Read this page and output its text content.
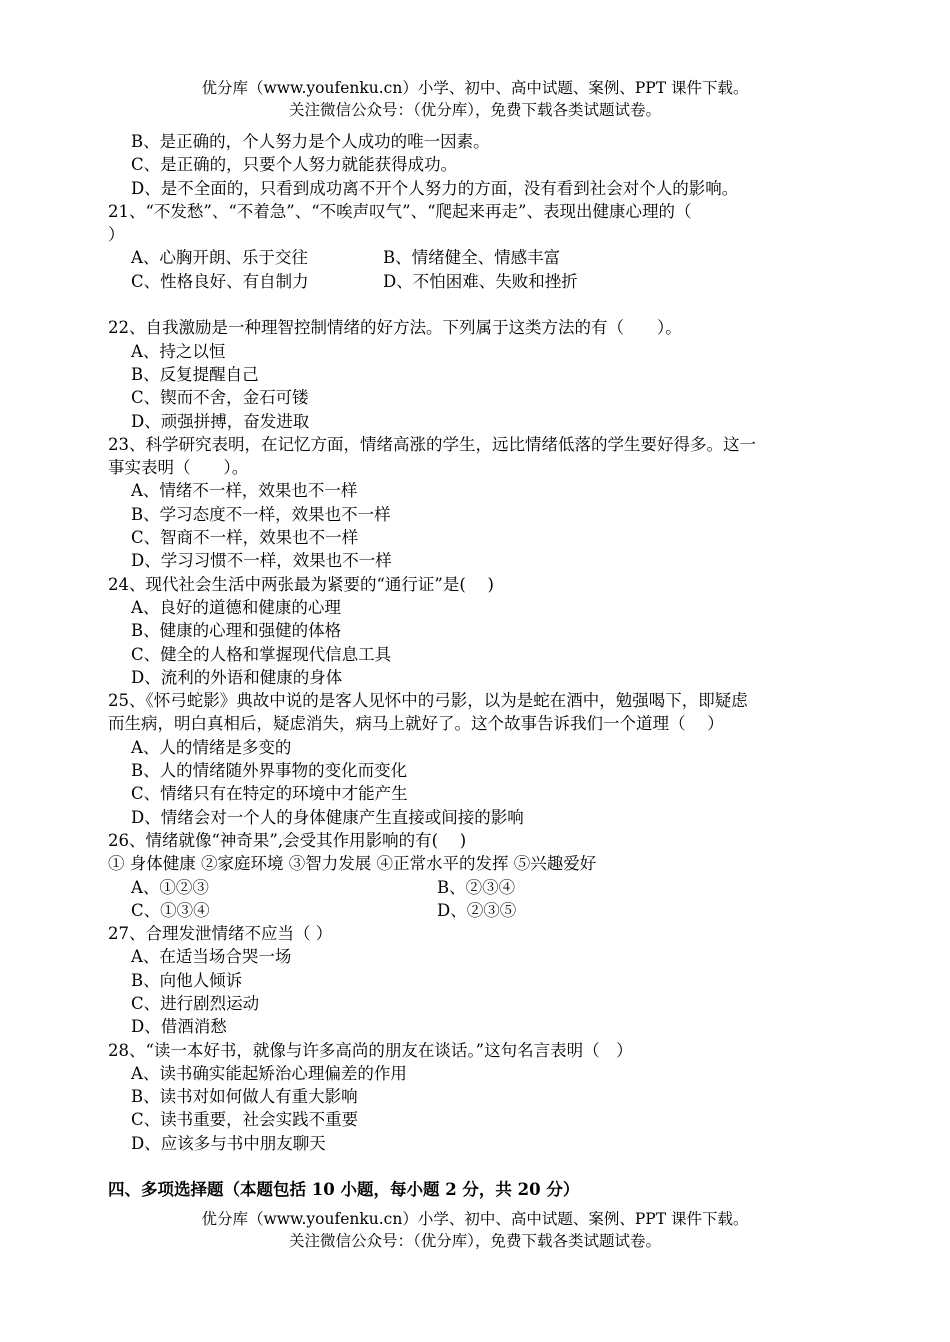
优分库（www.youfenku.cn）小学、初中、高中试题、案例、PPT 课件下载。
关注微信公众号：（优分库），免费下载各类试题试卷。
B、是正确的，个人努力是个人成功的唯一因素。
C、是正确的，只要个人努力就能获得成功。
D、是不全面的，只看到成功离不开个人努力的方面，没有看到社会对个人的影响。
21、“不发愁”、“不着急”、“不唉声叹气”、“爬起来再走”、表现出健康心理的（
）
A、心胸开朗、乐于交往	B、情绪健全、情感丰富
C、性格良好、有自制力	D、不怕困难、失败和挫折
22、自我激励是一种理智控制情绪的好方法。下列属于这类方法的有（　　）。
A、持之以恒
B、反复提醒自己
C、锲而不舍，金石可镂
D、顽强拼搏，奋发进取
23、科学研究表明，在记忆方面，情绪高涨的学生，远比情绪低落的学生要好得多。这一
事实表明（　　）。
A、情绪不一样，效果也不一样
B、学习态度不一样，效果也不一样
C、智商不一样，效果也不一样
D、学习习惯不一样，效果也不一样
24、现代社会生活中两张最为紧要的“通行证”是(　 )
A、良好的道德和健康的心理
B、健康的心理和强健的体格
C、健全的人格和掌握现代信息工具
D、流利的外语和健康的身体
25、《怀弓蛇影》典故中说的是客人见怀中的弓影，以为是蛇在酒中，勉强喝下，即疑虑
而生病，明白真相后，疑虑消失，病马上就好了。这个故事告诉我们一个道理（　 ）
A、人的情绪是多变的
B、人的情绪随外界事物的变化而变化
C、情绪只有在特定的环境中才能产生
D、情绪会对一个人的身体健康产生直接或间接的影响
26、情绪就像“神奇果”,会受其作用影响的有(　 )
① 身体健康 ②家庭环境 ③智力发展 ④正常水平的发挥 ⑤兴趣爱好
A、①②③	B、②③④
C、①③④	D、②③⑤
27、合理发泄情绪不应当（ ）
A、在适当场合哭一场
B、向他人倾诉
C、进行剧烈运动
D、借酒消愁
28、“读一本好书，就像与许多高尚的朋友在谈话。”这句名言表明（　）
A、读书确实能起矫治心理偏差的作用
B、读书对如何做人有重大影响
C、读书重要，社会实践不重要
D、应该多与书中朋友聊天
四、多项选择题（本题包括 10 小题，每小题 2 分，共 20 分）
优分库（www.youfenku.cn）小学、初中、高中试题、案例、PPT 课件下载。
关注微信公众号：（优分库），免费下载各类试题试卷。
